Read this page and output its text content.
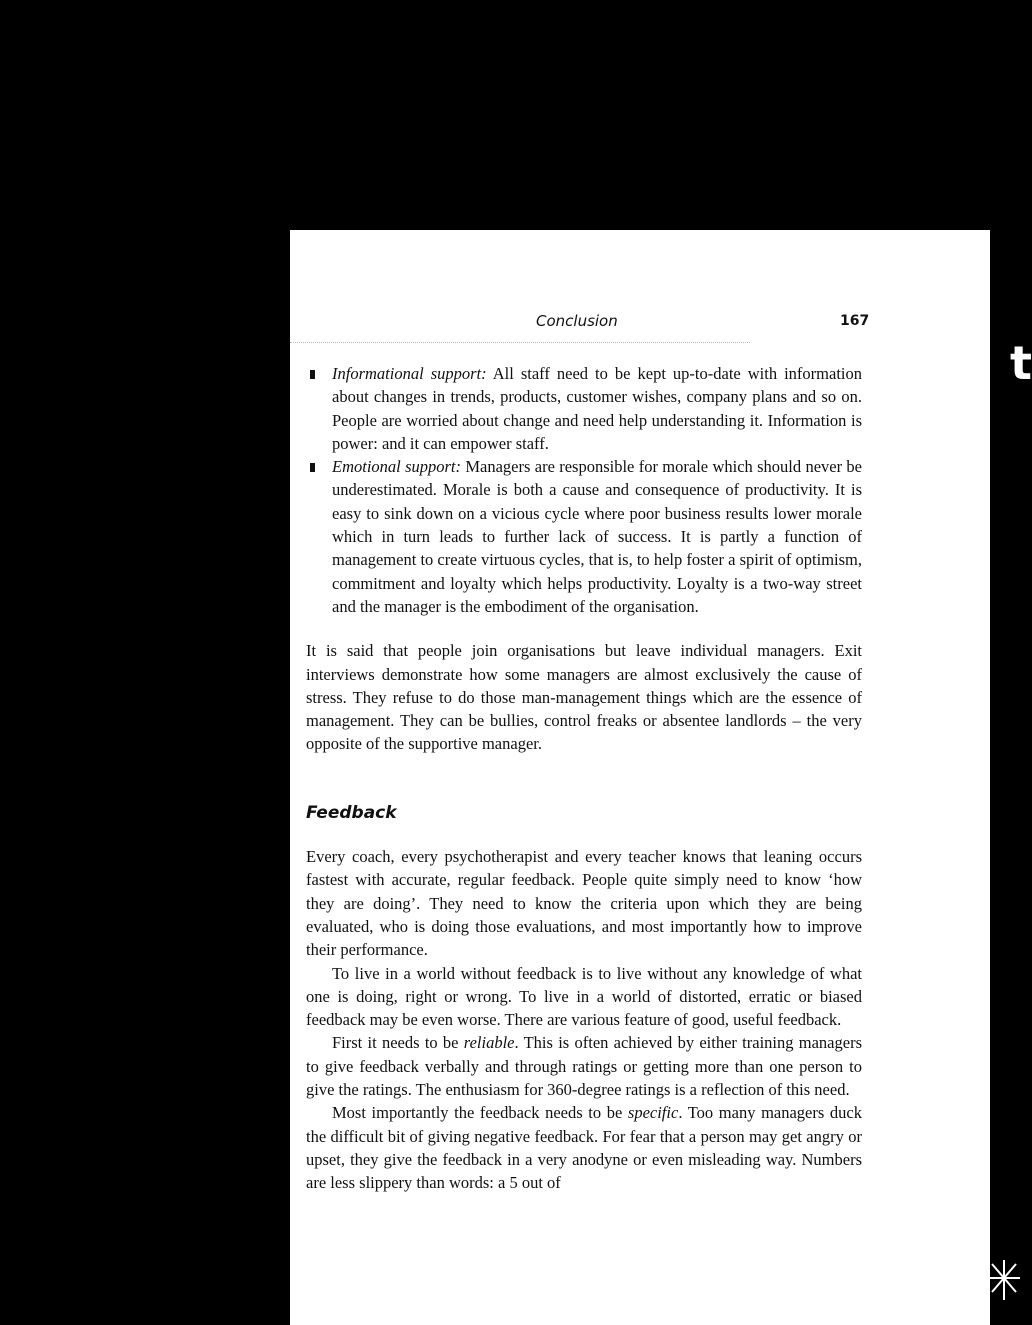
Conclusion	167
Informational support: All staff need to be kept up-to-date with information about changes in trends, products, customer wishes, company plans and so on. People are worried about change and need help understanding it. Information is power: and it can empower staff.
Emotional support: Managers are responsible for morale which should never be underestimated. Morale is both a cause and consequence of productivity. It is easy to sink down on a vicious cycle where poor business results lower morale which in turn leads to further lack of success. It is partly a function of management to create virtuous cycles, that is, to help foster a spirit of optimism, commitment and loyalty which helps productivity. Loyalty is a two-way street and the manager is the embodiment of the organisation.

It is said that people join organisations but leave individual managers. Exit interviews demonstrate how some managers are almost exclusively the cause of stress. They refuse to do those man-management things which are the essence of management. They can be bullies, control freaks or absentee landlords – the very opposite of the supportive manager.

Feedback

Every coach, every psychotherapist and every teacher knows that leaning occurs fastest with accurate, regular feedback. People quite simply need to know ‘how they are doing’. They need to know the criteria upon which they are being evaluated, who is doing those evaluations, and most importantly how to improve their performance.

To live in a world without feedback is to live without any knowledge of what one is doing, right or wrong. To live in a world of distorted, erratic or biased feedback may be even worse. There are various feature of good, useful feedback.

First it needs to be reliable. This is often achieved by either training managers to give feedback verbally and through ratings or getting more than one person to give the ratings. The enthusiasm for 360-degree ratings is a reflection of this need.

Most importantly the feedback needs to be specific. Too many managers duck the difficult bit of giving negative feedback. For fear that a person may get angry or upset, they give the feedback in a very anodyne or even misleading way. Numbers are less slippery than words: a 5 out of

t
